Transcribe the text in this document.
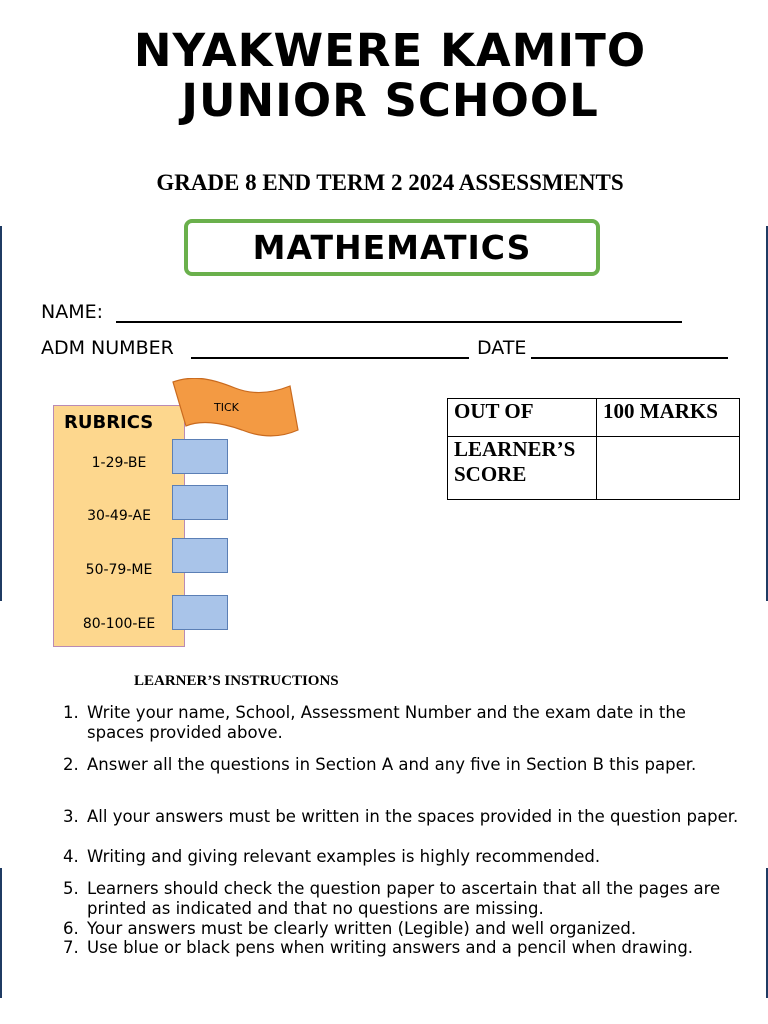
NYAKWERE KAMITO
JUNIOR SCHOOL
GRADE 8 END TERM 2 2024 ASSESSMENTS
MATHEMATICS
NAME:
ADM NUMBER	DATE
RUBRICS
1-29-BE
30-49-AE
50-79-ME
80-100-EE
TICK	OUT OF	100 MARKS
LEARNER’S SCORE	
LEARNER’S INSTRUCTIONS
1. Write your name, School, Assessment Number and the exam date in the spaces provided above.
2. Answer all the questions in Section A and any five in Section B this paper.
3. All your answers must be written in the spaces provided in the question paper.
4. Writing and giving relevant examples is highly recommended.
5. Learners should check the question paper to ascertain that all the pages are printed as indicated and that no questions are missing.
6. Your answers must be clearly written (Legible) and well organized.
7. Use blue or black pens when writing answers and a pencil when drawing.
